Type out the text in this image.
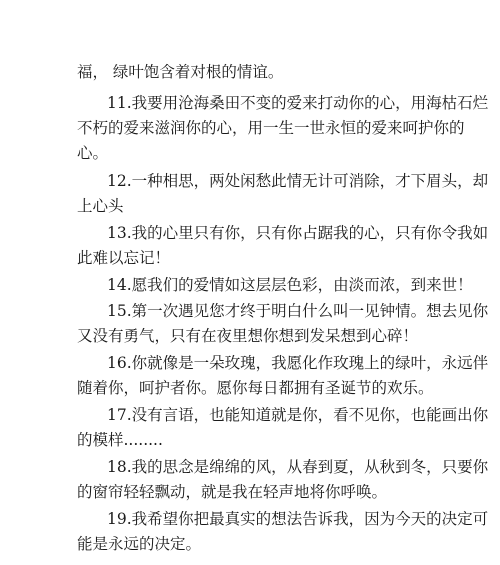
福， 绿叶饱含着对根的情谊。
11.我要用沧海桑田不变的爱来打动你的心，用海枯石烂
不朽的爱来滋润你的心，用一生一世永恒的爱来呵护你的
心。
12.一种相思，两处闲愁此情无计可消除，才下眉头，却
上心头
13.我的心里只有你，只有你占踞我的心，只有你令我如
此难以忘记！
14.愿我们的爱情如这层层色彩，由淡而浓，到来世！
15.第一次遇见您才终于明白什么叫一见钟情。想去见你
又没有勇气，只有在夜里想你想到发呆想到心碎！
16.你就像是一朵玫瑰，我愿化作玫瑰上的绿叶，永远伴
随着你，呵护者你。愿你每日都拥有圣诞节的欢乐。
17.没有言语，也能知道就是你，看不见你，也能画出你
的模样........
18.我的思念是绵绵的风，从春到夏，从秋到冬，只要你
的窗帘轻轻飘动，就是我在轻声地将你呼唤。
19.我希望你把最真实的想法告诉我，因为今天的决定可
能是永远的决定。
